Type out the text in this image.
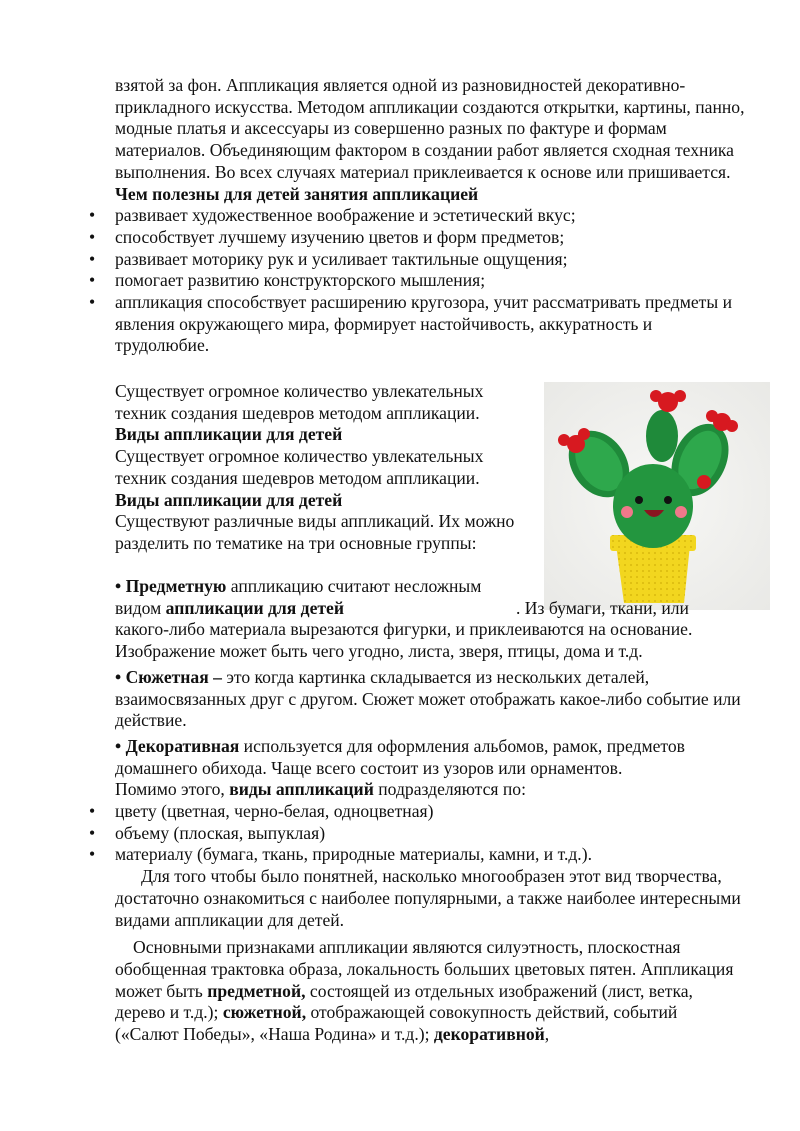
взятой за фон. Аппликация является одной из разновидностей декоративно-прикладного искусства. Методом аппликации создаются открытки, картины, панно, модные платья и аксессуары из совершенно разных по фактуре и формам материалов. Объединяющим фактором в создании работ является сходная техника выполнения. Во всех случаях материал приклеивается к основе или пришивается.

Чем полезны для детей занятия аппликацией

• развивает художественное воображение и эстетический вкус;
• способствует лучшему изучению цветов и форм предметов;
• развивает моторику рук и усиливает тактильные ощущения;
• помогает развитию конструкторского мышления;
• аппликация способствует расширению кругозора, учит рассматривать предметы и явления окружающего мира, формирует настойчивость, аккуратность и трудолюбие.

Существует огромное количество увлекательных техник создания шедевров методом аппликации.

Виды аппликации для детей

Существует огромное количество увлекательных техник создания шедевров методом аппликации.

Виды аппликации для детей

Существуют различные виды аппликаций. Их можно разделить по тематике на три основные группы:

• Предметную аппликацию считают несложным видом аппликации для детей	. Из бумаги, ткани, или какого-либо материала вырезаются фигурки, и приклеиваются на основание. Изображение может быть чего угодно, листа, зверя, птицы, дома и т.д.

• Сюжетная – это когда картинка складывается из нескольких деталей, взаимосвязанных друг с другом. Сюжет может отображать какое-либо событие или действие.

• Декоративная используется для оформления альбомов, рамок, предметов домашнего обихода. Чаще всего состоит из узоров или орнаментов.

Помимо этого, виды аппликаций подразделяются по:

• цвету (цветная, черно-белая, одноцветная)
• объему (плоская, выпуклая)
• материалу (бумага, ткань, природные материалы, камни, и т.д.).

Для того чтобы было понятней, насколько многообразен этот вид творчества, достаточно ознакомиться с наиболее популярными, а также наиболее интересными видами аппликации для детей.

Основными признаками аппликации являются силуэтность, плоскостная обобщенная трактовка образа, локальность больших цветовых пятен. Аппликация может быть предметной, состоящей из отдельных изображений (лист, ветка, дерево и т.д.); сюжетной, отображающей совокупность действий, событий («Салют Победы», «Наша Родина» и т.д.); декоративной,
